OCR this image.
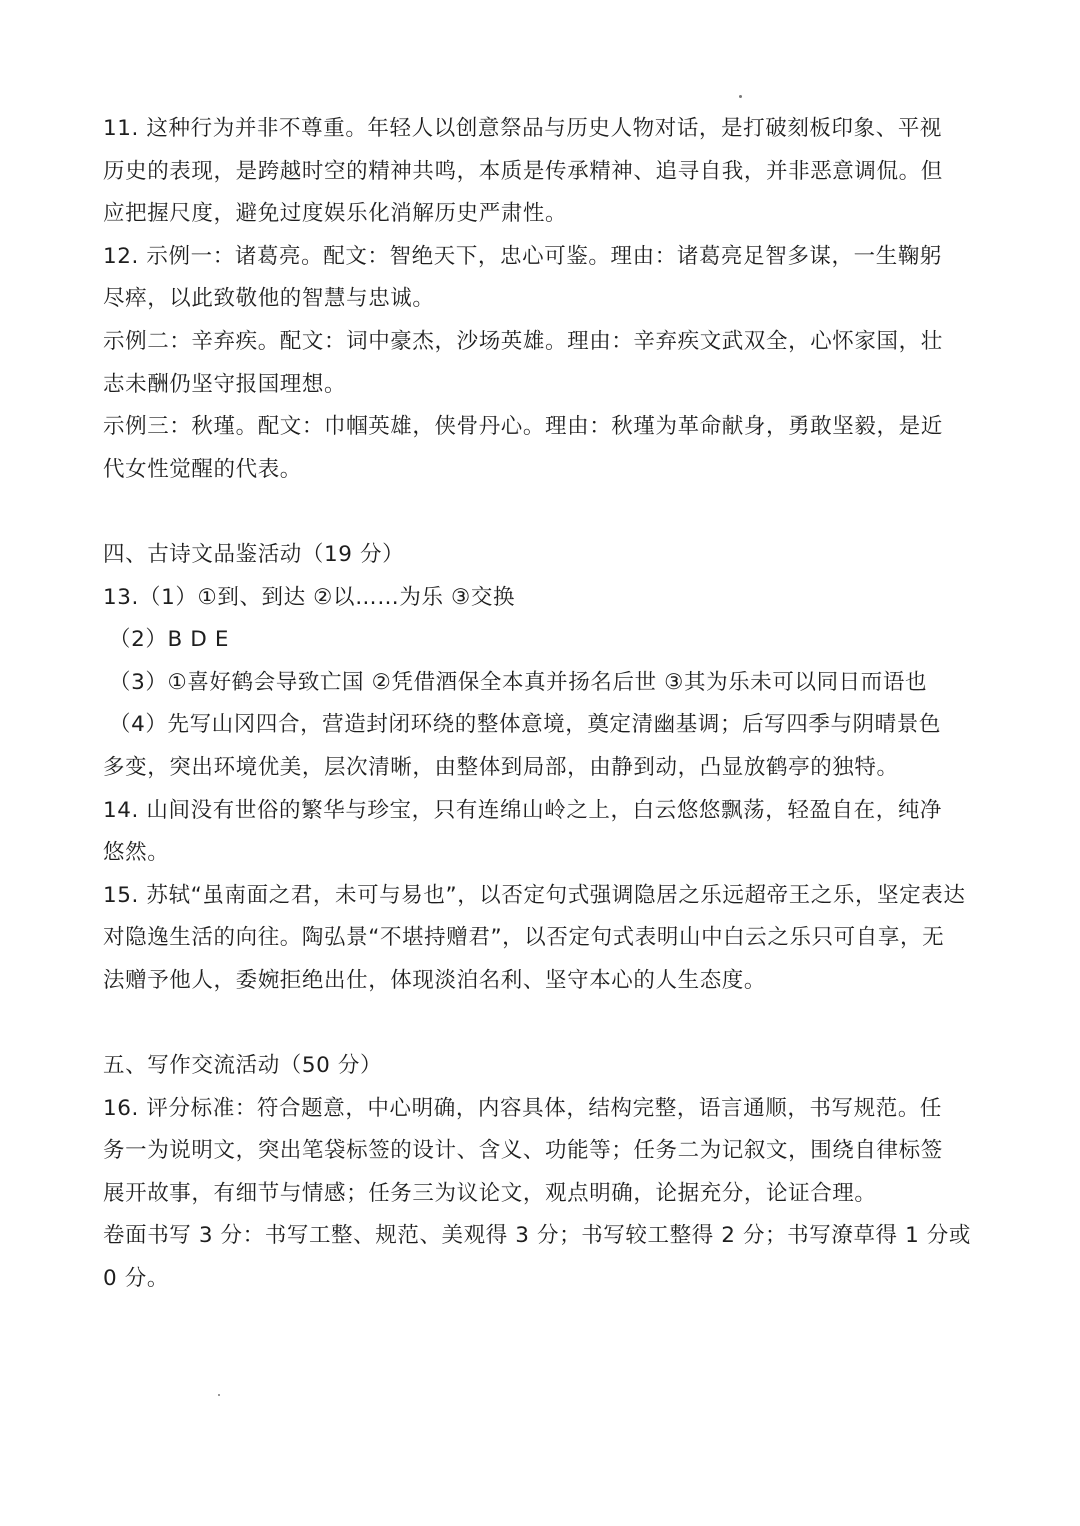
11. 这种行为并非不尊重。年轻人以创意祭品与历史人物对话，是打破刻板印象、平视
历史的表现，是跨越时空的精神共鸣，本质是传承精神、追寻自我，并非恶意调侃。但
应把握尺度，避免过度娱乐化消解历史严肃性。
12. 示例一：诸葛亮。配文：智绝天下，忠心可鉴。理由：诸葛亮足智多谋，一生鞠躬
尽瘁，以此致敬他的智慧与忠诚。
示例二：辛弃疾。配文：词中豪杰，沙场英雄。理由：辛弃疾文武双全，心怀家国，壮
志未酬仍坚守报国理想。
示例三：秋瑾。配文：巾帼英雄，侠骨丹心。理由：秋瑾为革命献身，勇敢坚毅，是近
代女性觉醒的代表。
四、古诗文品鉴活动（19 分）
13.（1）①到、到达 ②以……为乐 ③交换
（2）B D E
（3）①喜好鹤会导致亡国 ②凭借酒保全本真并扬名后世 ③其为乐未可以同日而语也
（4）先写山冈四合，营造封闭环绕的整体意境，奠定清幽基调；后写四季与阴晴景色
多变，突出环境优美，层次清晰，由整体到局部，由静到动，凸显放鹤亭的独特。
14. 山间没有世俗的繁华与珍宝，只有连绵山岭之上，白云悠悠飘荡，轻盈自在，纯净
悠然。
15. 苏轼“虽南面之君，未可与易也”，以否定句式强调隐居之乐远超帝王之乐，坚定表达
对隐逸生活的向往。陶弘景“不堪持赠君”，以否定句式表明山中白云之乐只可自享，无
法赠予他人，委婉拒绝出仕，体现淡泊名利、坚守本心的人生态度。
五、写作交流活动（50 分）
16. 评分标准：符合题意，中心明确，内容具体，结构完整，语言通顺，书写规范。任
务一为说明文，突出笔袋标签的设计、含义、功能等；任务二为记叙文，围绕自律标签
展开故事，有细节与情感；任务三为议论文，观点明确，论据充分，论证合理。
卷面书写 3 分：书写工整、规范、美观得 3 分；书写较工整得 2 分；书写潦草得 1 分或
0 分。
